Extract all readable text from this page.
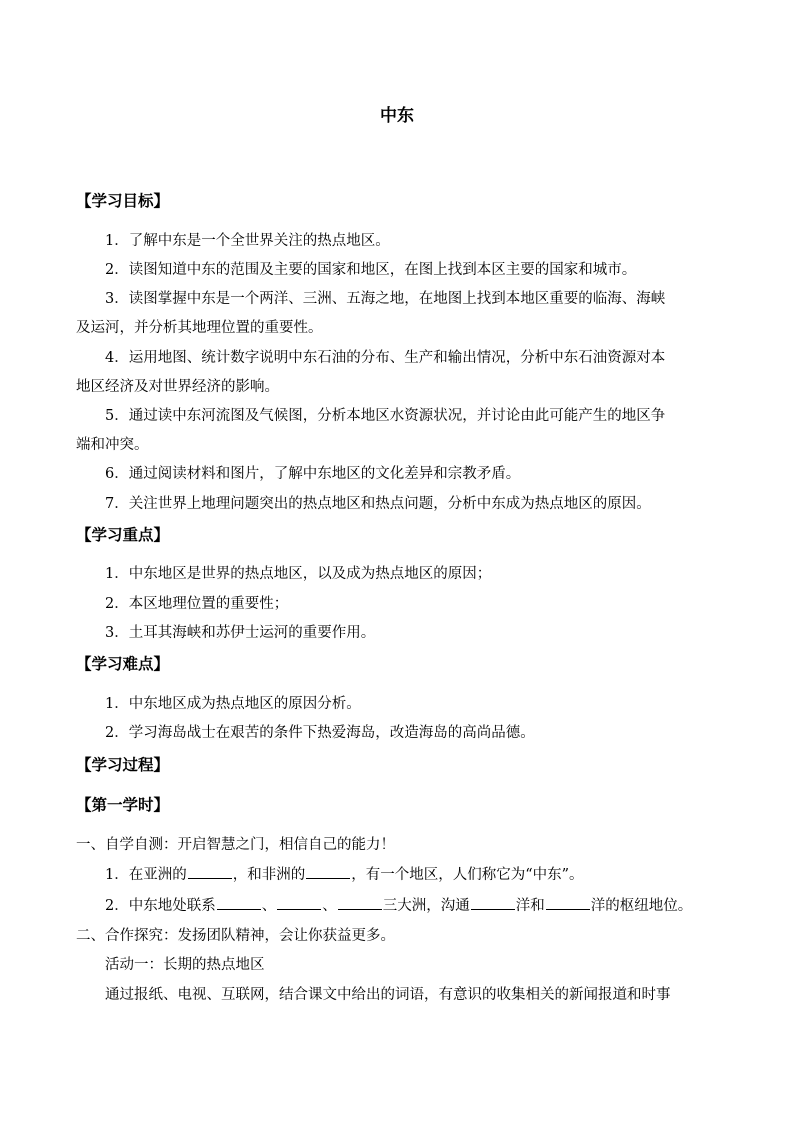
中东
【学习目标】
1．了解中东是一个全世界关注的热点地区。
2．读图知道中东的范围及主要的国家和地区，在图上找到本区主要的国家和城市。
3．读图掌握中东是一个两洋、三洲、五海之地，在地图上找到本地区重要的临海、海峡
及运河，并分析其地理位置的重要性。
4．运用地图、统计数字说明中东石油的分布、生产和输出情况，分析中东石油资源对本
地区经济及对世界经济的影响。
5．通过读中东河流图及气候图，分析本地区水资源状况，并讨论由此可能产生的地区争
端和冲突。
6．通过阅读材料和图片，了解中东地区的文化差异和宗教矛盾。
7．关注世界上地理问题突出的热点地区和热点问题，分析中东成为热点地区的原因。
【学习重点】
1．中东地区是世界的热点地区，以及成为热点地区的原因；
2．本区地理位置的重要性；
3．土耳其海峡和苏伊士运河的重要作用。
【学习难点】
1．中东地区成为热点地区的原因分析。
2．学习海岛战士在艰苦的条件下热爱海岛，改造海岛的高尚品德。
【学习过程】
【第一学时】
一、自学自测：开启智慧之门，相信自己的能力！
1．在亚洲的	，和非洲的	，有一个地区，人们称它为“中东”。
2．中东地处联系	、	、	三大洲，沟通	洋和	洋的枢纽地位。
二、合作探究：发扬团队精神，会让你获益更多。
活动一：长期的热点地区
通过报纸、电视、互联网，结合课文中给出的词语，有意识的收集相关的新闻报道和时事
